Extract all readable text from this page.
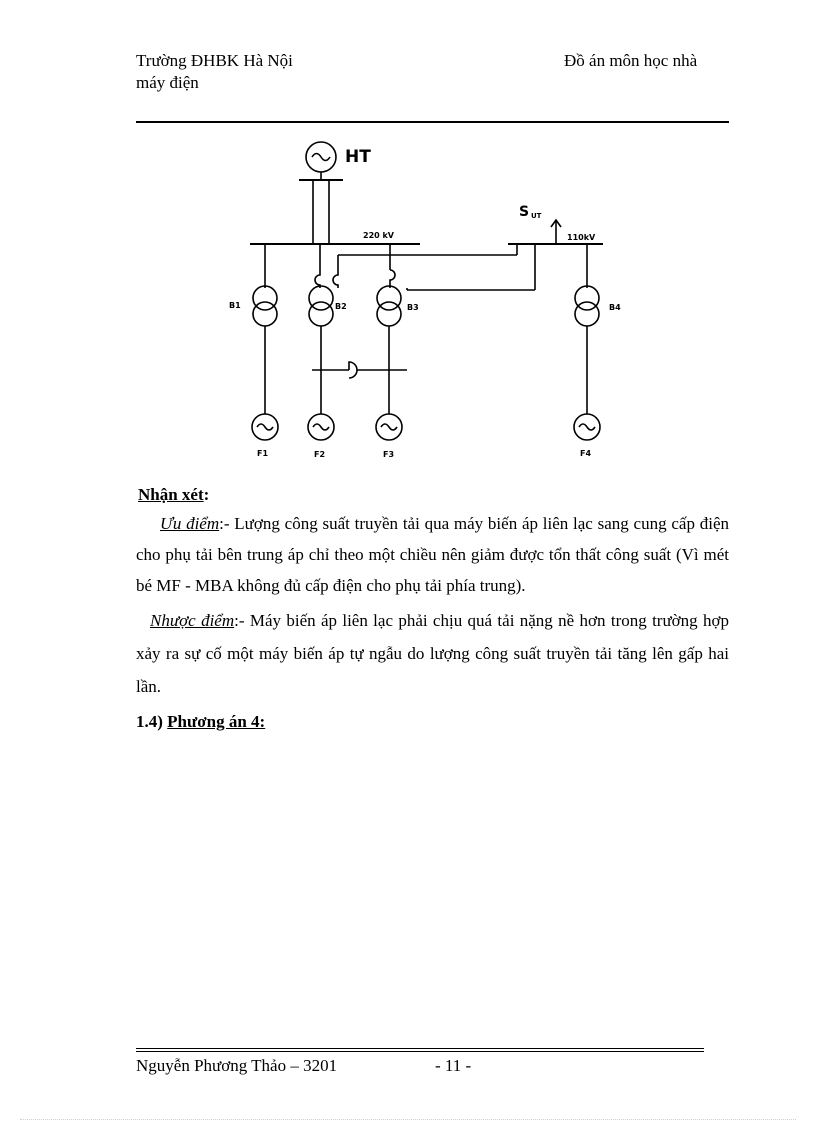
Trường ĐHBK Hà Nội	Đồ án môn học nhà
máy điện
HT
220 kV	110kV
S UT
B1	B2	B3	B4
F1	F2	F3	F4
Nhận xét:

Ưu điểm:- Lượng công suất truyền tải qua máy biến áp liên lạc sang cung cấp điện cho phụ tải bên trung áp chỉ theo một chiều nên giảm được tổn thất công suất (Vì mét bé MF - MBA không đủ cấp điện cho phụ tải phía trung).

Nhược điểm:- Máy biến áp liên lạc phải chịu quá tải nặng nề hơn trong trường hợp xảy ra sự cố một máy biến áp tự ngẫu do lượng công suất truyền tải tăng lên gấp hai lần.

1.4) Phương án 4:
Nguyễn Phương Thảo – 3201	- 11 -
